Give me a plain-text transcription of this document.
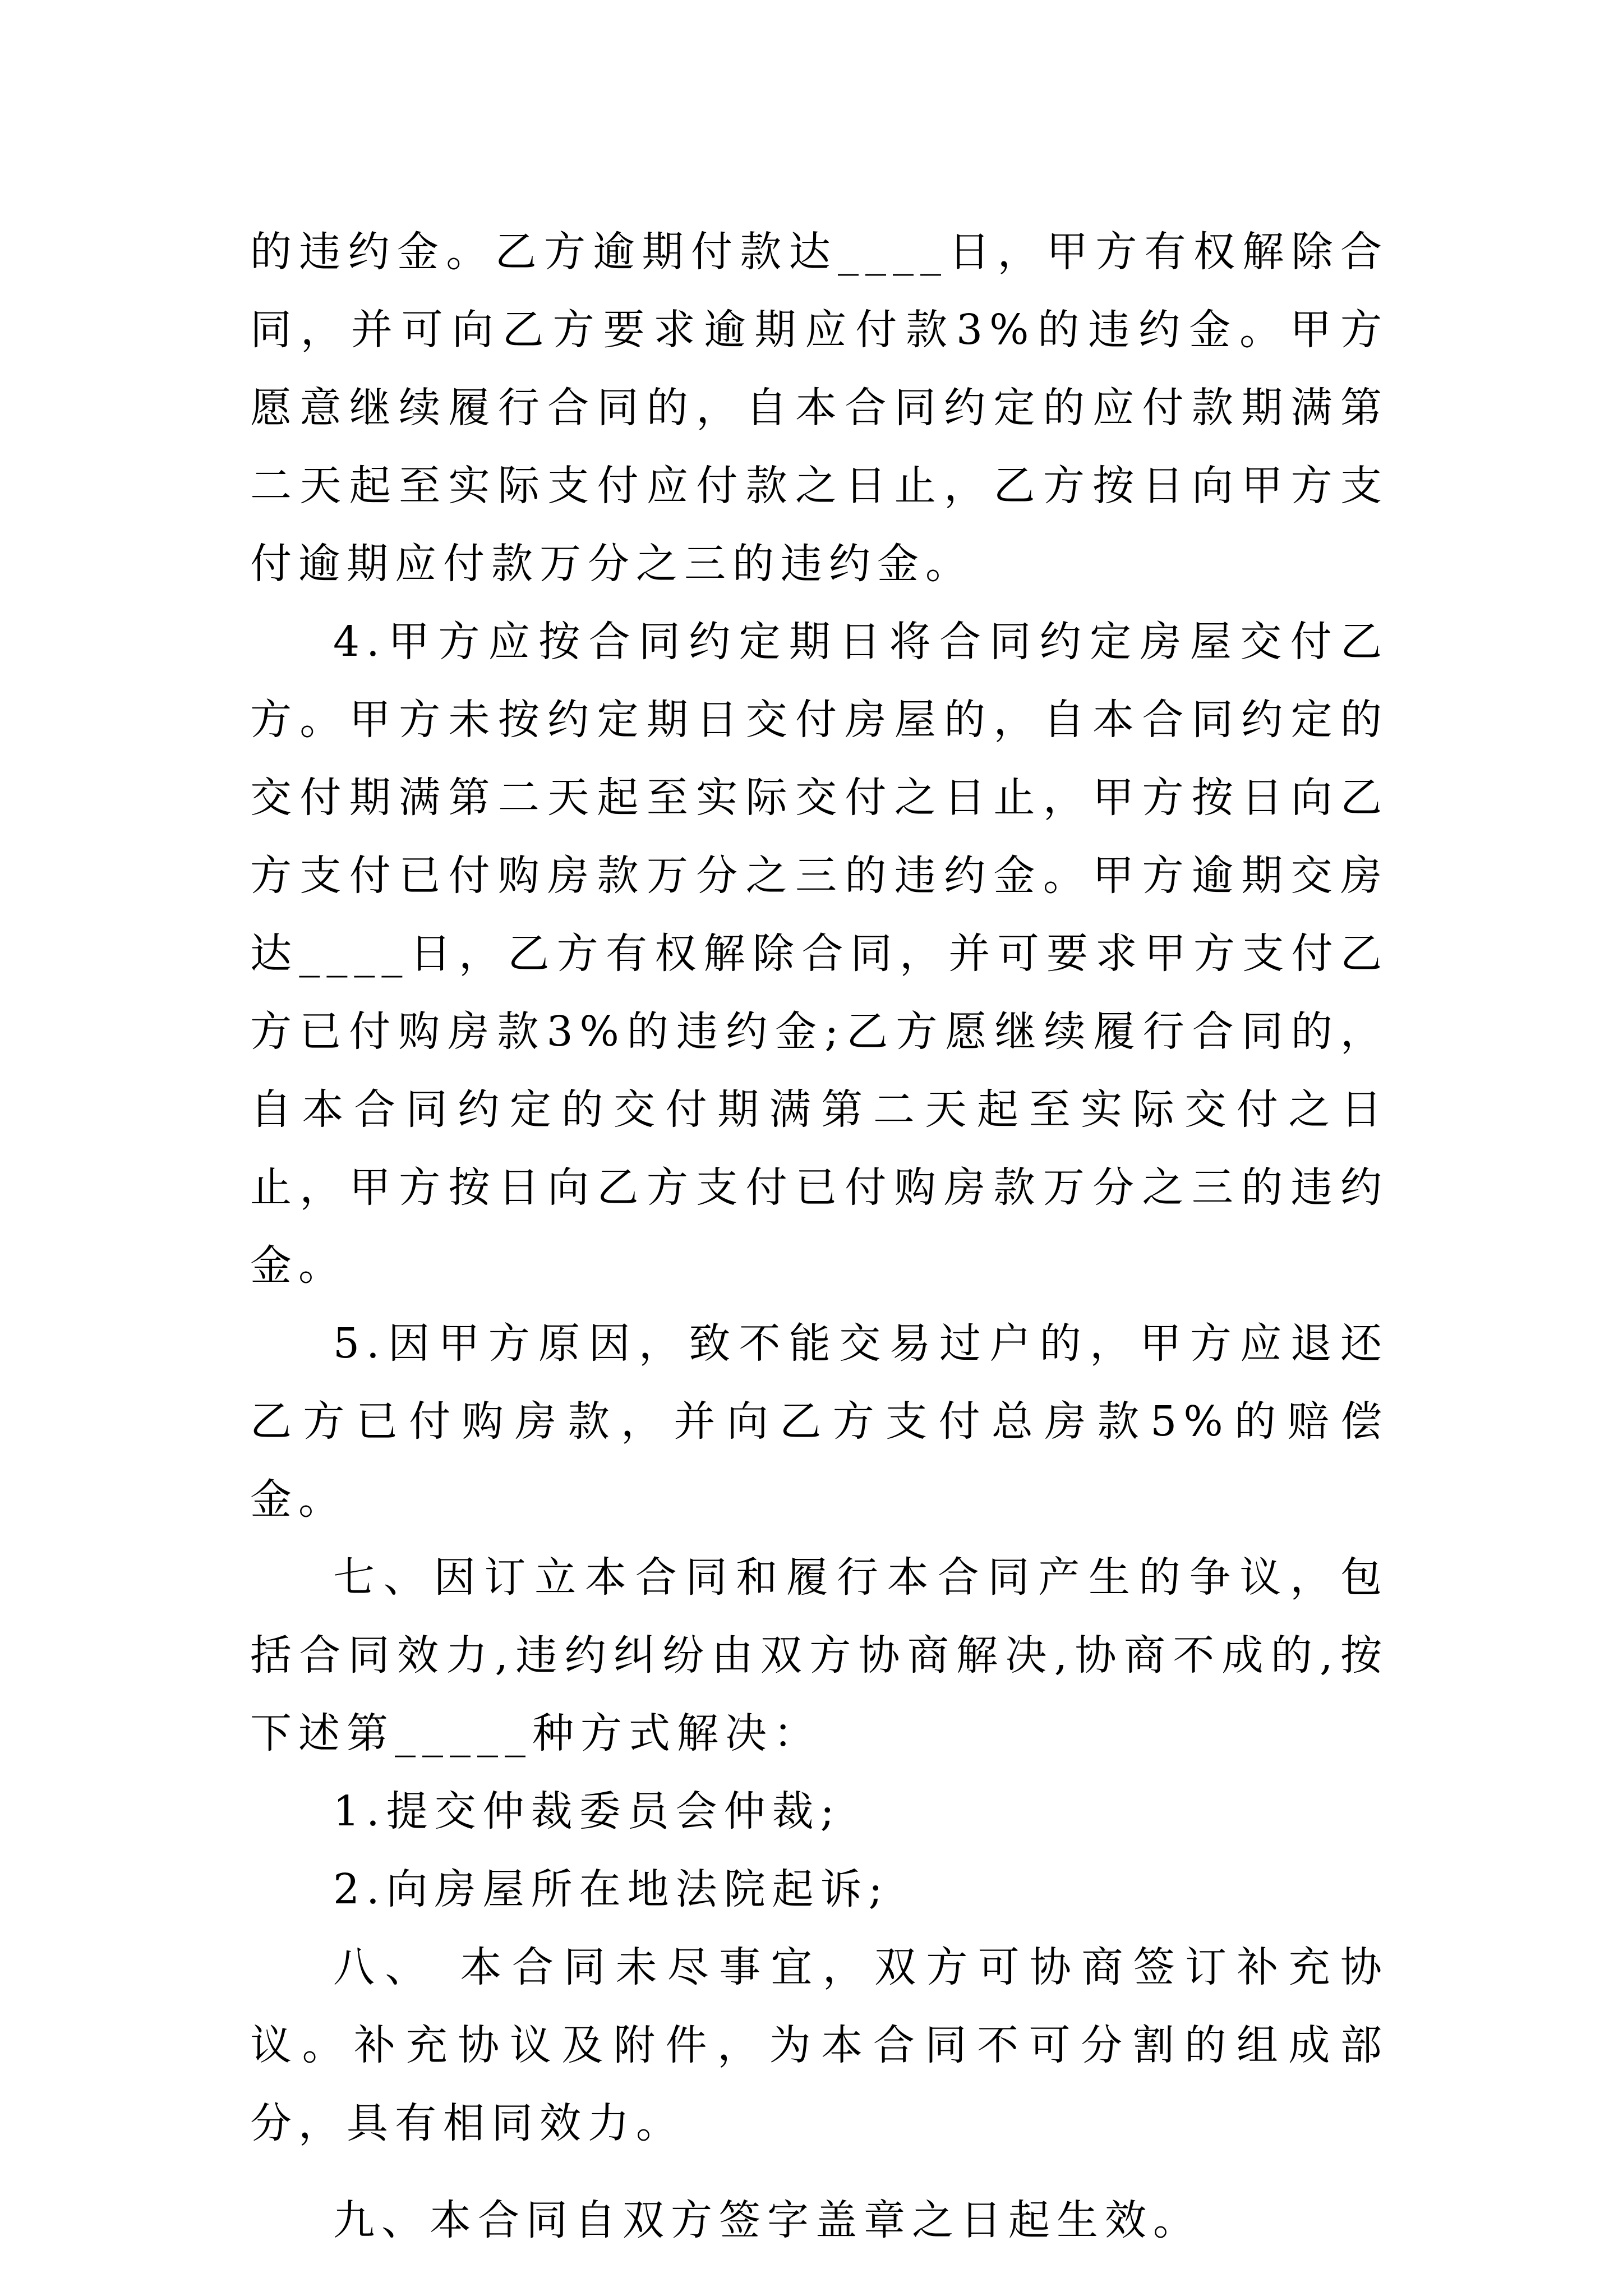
的违约金。乙方逾期付款达____日，甲方有权解除合同，并可向乙方要求逾期应付款3%的违约金。甲方愿意继续履行合同的，自本合同约定的应付款期满第二天起至实际支付应付款之日止，乙方按日向甲方支付逾期应付款万分之三的违约金。

4.甲方应按合同约定期日将合同约定房屋交付乙方。甲方未按约定期日交付房屋的，自本合同约定的交付期满第二天起至实际交付之日止，甲方按日向乙方支付已付购房款万分之三的违约金。甲方逾期交房达____日，乙方有权解除合同，并可要求甲方支付乙方已付购房款3%的违约金;乙方愿继续履行合同的，自本合同约定的交付期满第二天起至实际交付之日止，甲方按日向乙方支付已付购房款万分之三的违约金。

5.因甲方原因，致不能交易过户的，甲方应退还乙方已付购房款，并向乙方支付总房款5%的赔偿金。

七、因订立本合同和履行本合同产生的争议，包括合同效力,违约纠纷由双方协商解决,协商不成的,按下述第_____种方式解决：

1.提交仲裁委员会仲裁;

2.向房屋所在地法院起诉;

八、 本合同未尽事宜，双方可协商签订补充协议。补充协议及附件，为本合同不可分割的组成部分，具有相同效力。

九、本合同自双方签字盖章之日起生效。
